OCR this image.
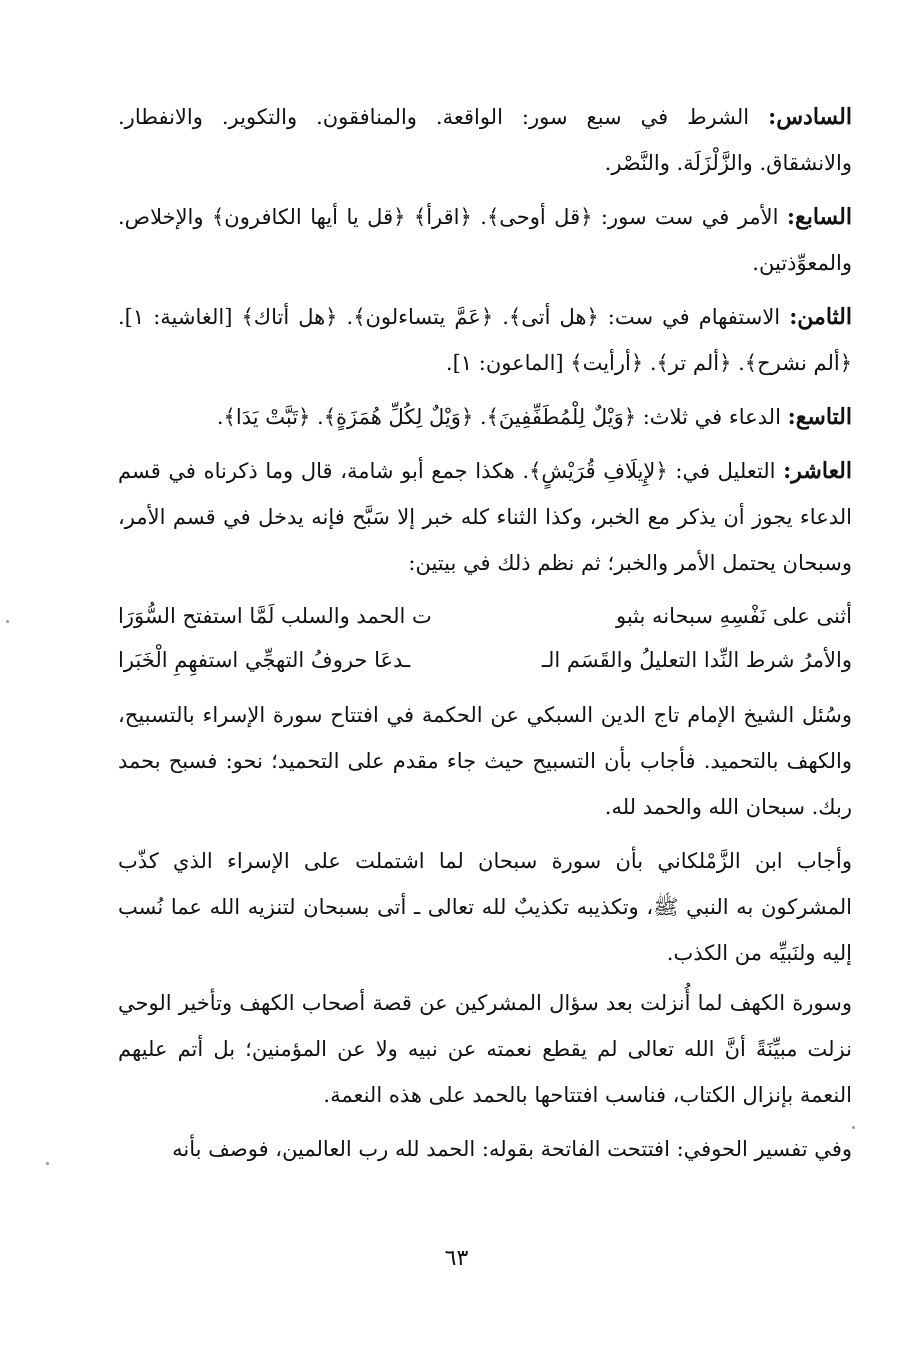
السادس: الشرط في سبع سور: الواقعة. والمنافقون. والتكوير. والانفطار. والانشقاق. والزَّلْزَلَة. والنَّصْر.

السابع: الأمر في ست سور: ﴿قل أوحى﴾. ﴿اقرأ﴾ ﴿قل يا أيها الكافرون﴾ والإخلاص. والمعوِّذتين.

الثامن: الاستفهام في ست: ﴿هل أتى﴾. ﴿عَمَّ يتساءلون﴾. ﴿هل أتاك﴾ [الغاشية: ١]. ﴿ألم نشرح﴾. ﴿ألم تر﴾. ﴿أرأيت﴾ [الماعون: ١].

التاسع: الدعاء في ثلاث: ﴿وَيْلٌ لِلْمُطَفِّفِينَ﴾. ﴿وَيْلٌ لِكُلِّ هُمَزَةٍ﴾. ﴿تَبَّتْ يَدَا﴾.

العاشر: التعليل في: ﴿لإِيلَافِ قُرَيْشٍ﴾. هكذا جمع أبو شامة، قال وما ذكرناه في قسم الدعاء يجوز أن يذكر مع الخبر، وكذا الثناء كله خبر إلا سَبَّح فإنه يدخل في قسم الأمر، وسبحان يحتمل الأمر والخبر؛ ثم نظم ذلك في بيتين:

أثنى على نَفْسِهِ سبحانه بثبو
ت الحمد والسلب لَمَّا استفتح السُّوَرَا
والأمرُ شرط النِّدا التعليلُ والقَسَم الـ
ـدعَا حروفُ التهجِّي استفهِمِ الْخَبَرا

وسُئل الشيخ الإمام تاج الدين السبكي عن الحكمة في افتتاح سورة الإسراء بالتسبيح، والكهف بالتحميد. فأجاب بأن التسبيح حيث جاء مقدم على التحميد؛ نحو: فسبح بحمد ربك. سبحان الله والحمد لله.

وأجاب ابن الزَّمْلكاني بأن سورة سبحان لما اشتملت على الإسراء الذي كذّب المشركون به النبي ﷺ، وتكذيبه تكذيبٌ لله تعالى ـ أتى بسبحان لتنزيه الله عما نُسب إليه ولنَبيِّه من الكذب.

وسورة الكهف لما أُنزلت بعد سؤال المشركين عن قصة أصحاب الكهف وتأخير الوحي نزلت مبيِّنَةً أنَّ الله تعالى لم يقطع نعمته عن نبيه ولا عن المؤمنين؛ بل أتم عليهم النعمة بإنزال الكتاب، فناسب افتتاحها بالحمد على هذه النعمة.

وفي تفسير الحوفي: افتتحت الفاتحة بقوله: الحمد لله رب العالمين، فوصف بأنه

٦٣
